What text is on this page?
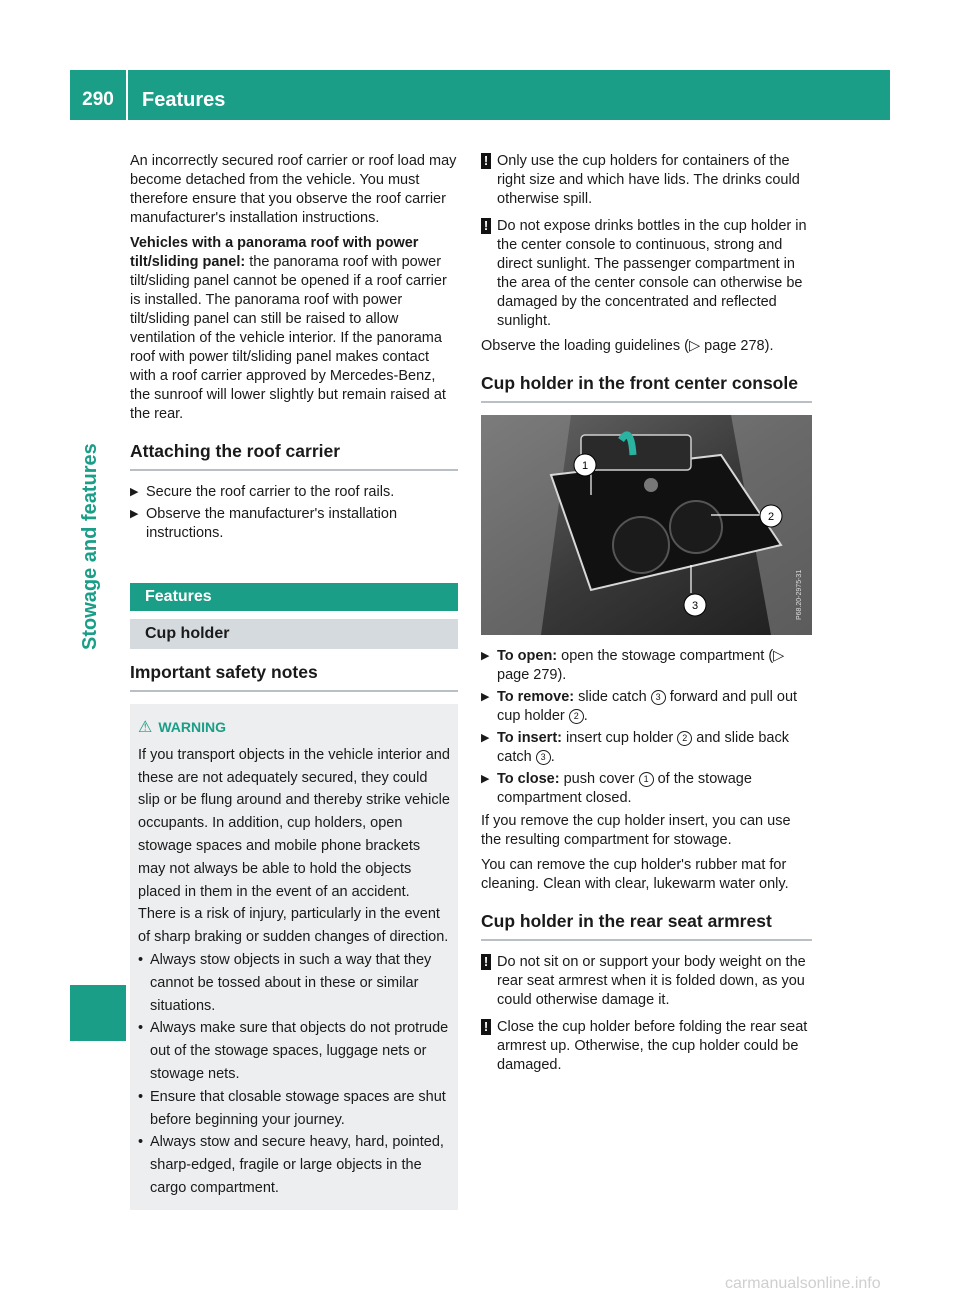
290	Features
Stowage and features

An incorrectly secured roof carrier or roof load may become detached from the vehicle. You must therefore ensure that you observe the roof carrier manufacturer's installation instructions.

Vehicles with a panorama roof with power tilt/sliding panel: the panorama roof with power tilt/sliding panel cannot be opened if a roof carrier is installed. The panorama roof with power tilt/sliding panel can still be raised to allow ventilation of the vehicle interior. If the panorama roof with power tilt/sliding panel makes contact with a roof carrier approved by Mercedes-Benz, the sunroof will lower slightly but remain raised at the rear.

Attaching the roof carrier
▶ Secure the roof carrier to the roof rails.
▶ Observe the manufacturer's installation instructions.
Features
Cup holder
Important safety notes
⚠ WARNING
If you transport objects in the vehicle interior and these are not adequately secured, they could slip or be flung around and thereby strike vehicle occupants. In addition, cup holders, open stowage spaces and mobile phone brackets may not always be able to hold the objects placed in them in the event of an accident. There is a risk of injury, particularly in the event of sharp braking or sudden changes of direction.
• Always stow objects in such a way that they cannot be tossed about in these or similar situations.
• Always make sure that objects do not protrude out of the stowage spaces, luggage nets or stowage nets.
• Ensure that closable stowage spaces are shut before beginning your journey.
• Always stow and secure heavy, hard, pointed, sharp-edged, fragile or large objects in the cargo compartment.
! Only use the cup holders for containers of the right size and which have lids. The drinks could otherwise spill.
! Do not expose drinks bottles in the cup holder in the center console to continuous, strong and direct sunlight. The passenger compartment in the area of the center console can otherwise be damaged by the concentrated and reflected sunlight.

Observe the loading guidelines (▷ page 278).

Cup holder in the front center console
1
2
3	P68.20-2975-31
▶ To open: open the stowage compartment (▷ page 279).
▶ To remove: slide catch 3 forward and pull out cup holder 2 .
▶ To insert: insert cup holder 2 and slide back catch 3 .
▶ To close: push cover 1 of the stowage compartment closed.

If you remove the cup holder insert, you can use the resulting compartment for stowage.

You can remove the cup holder's rubber mat for cleaning. Clean with clear, lukewarm water only.

Cup holder in the rear seat armrest
! Do not sit on or support your body weight on the rear seat armrest when it is folded down, as you could otherwise damage it.
! Close the cup holder before folding the rear seat armrest up. Otherwise, the cup holder could be damaged.
carmanualsonline.info
